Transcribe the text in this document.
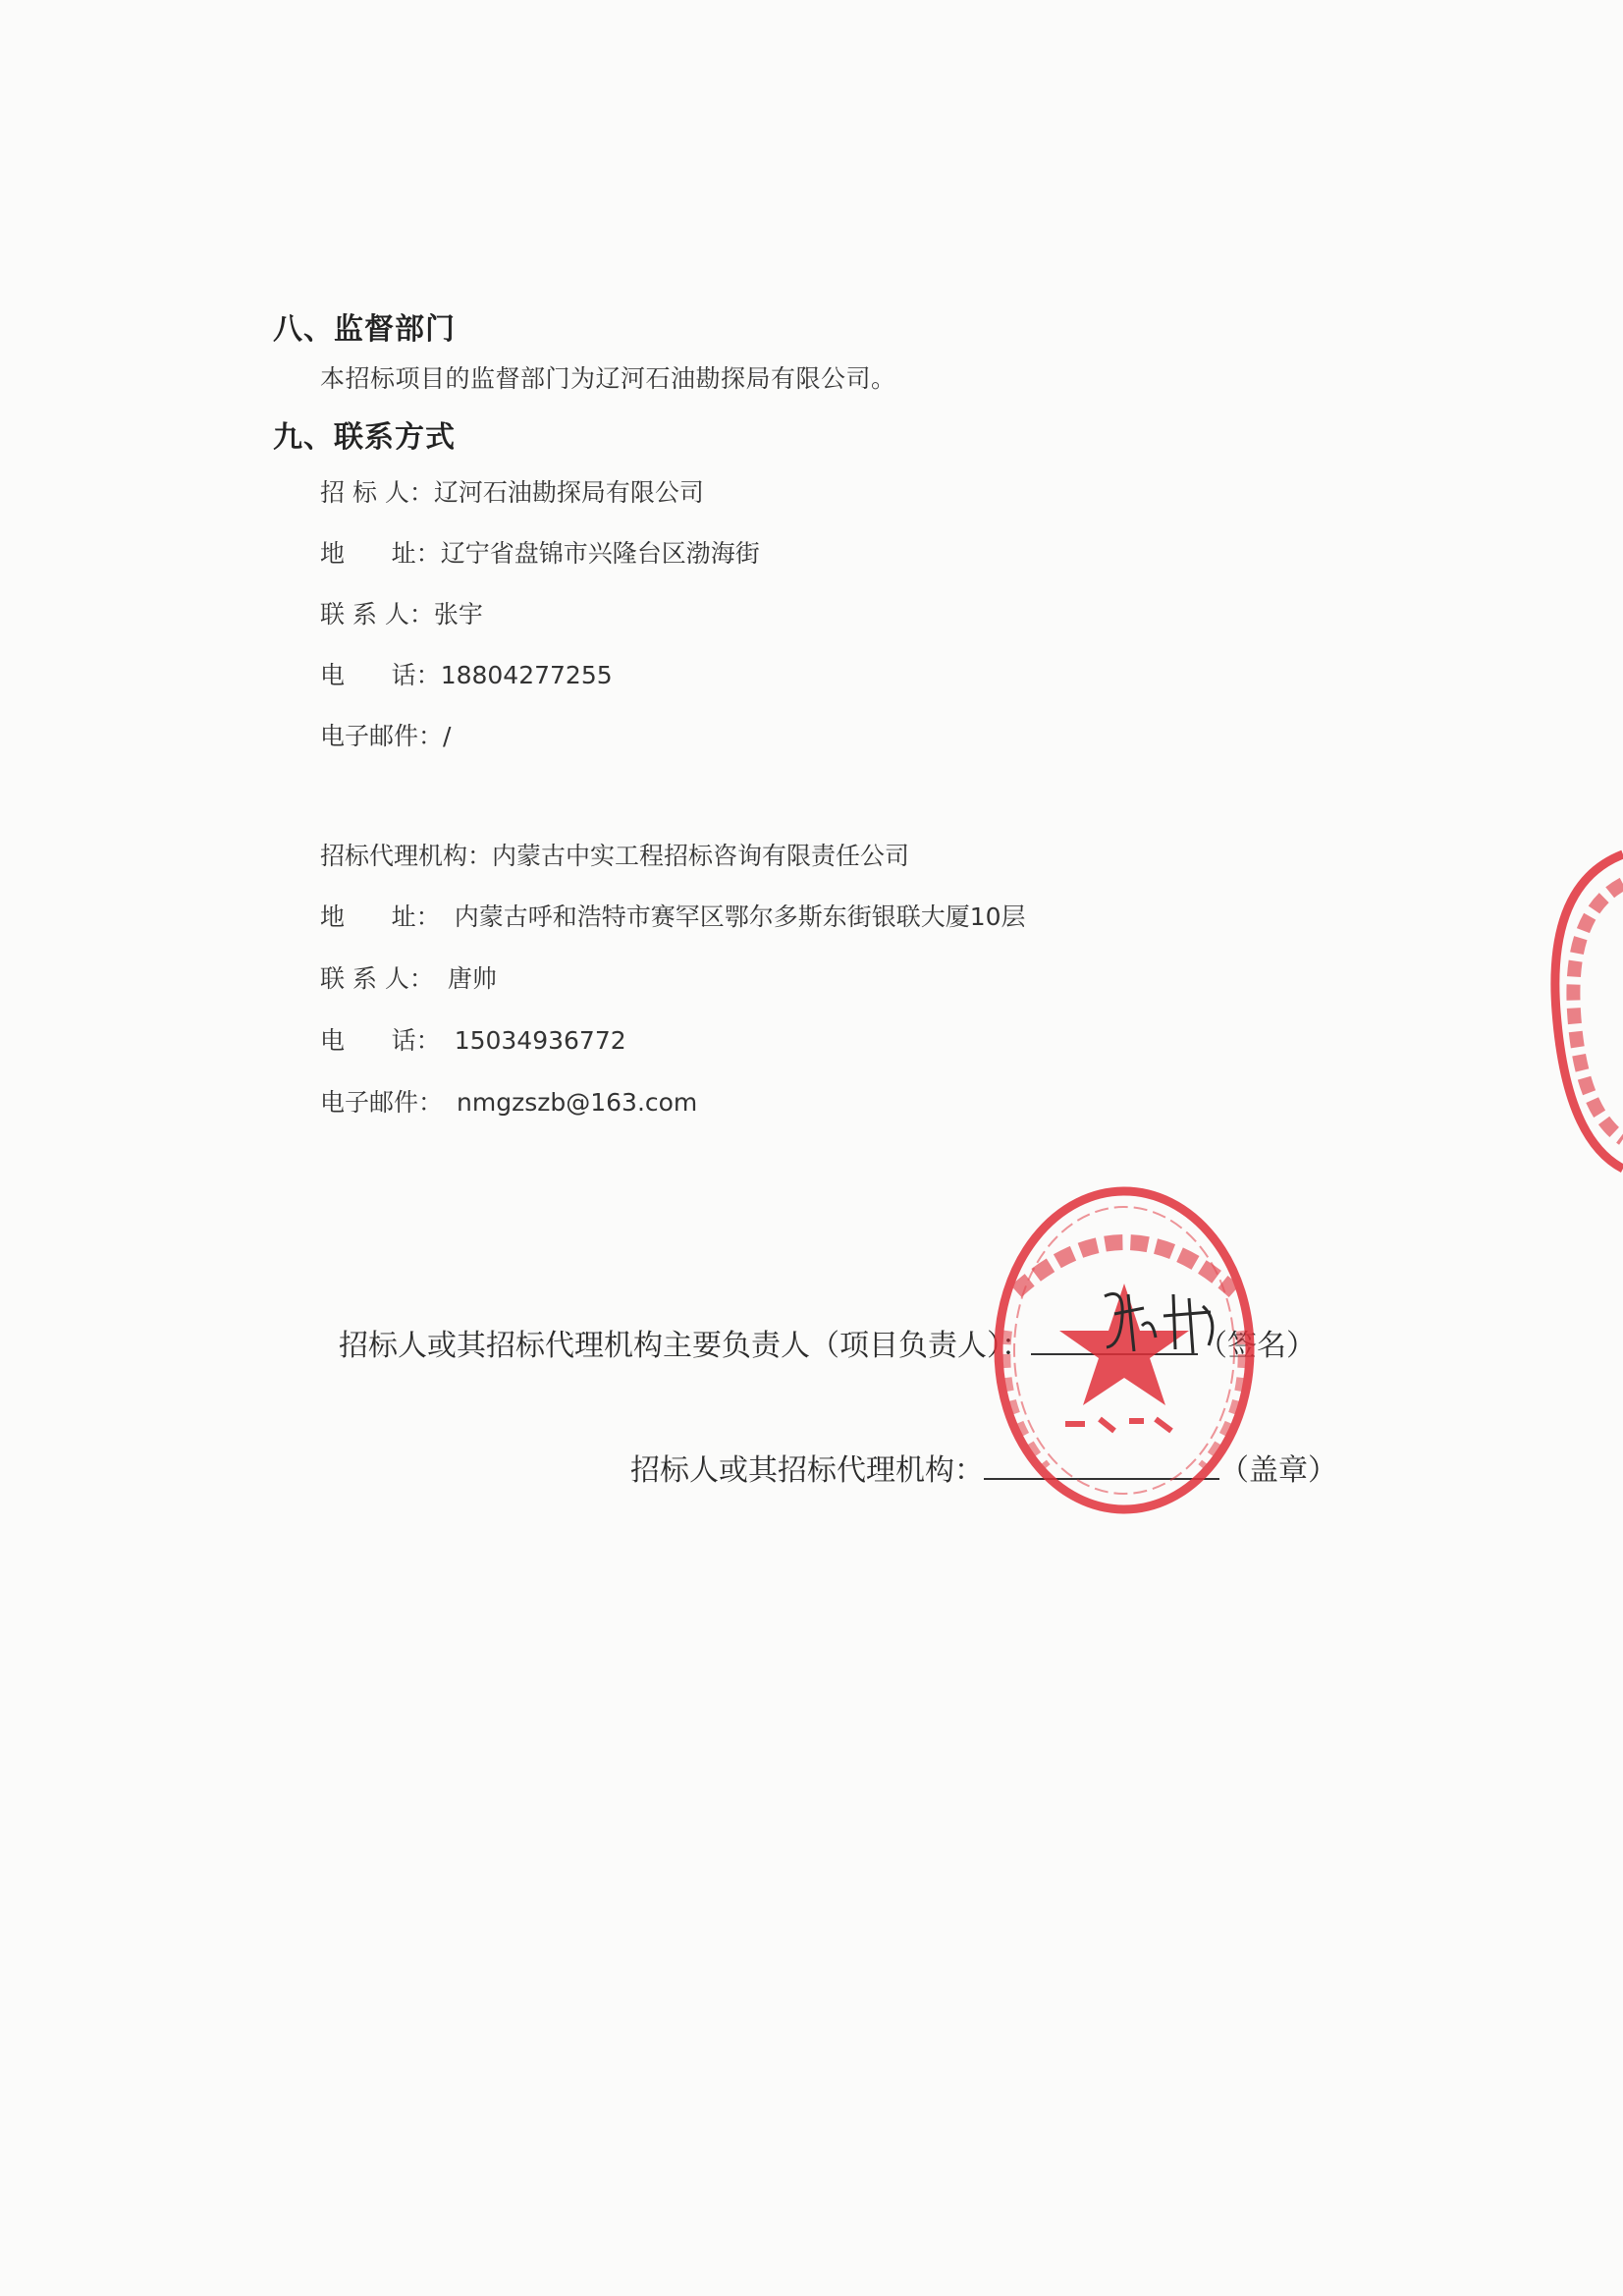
八、监督部门
本招标项目的监督部门为辽河石油勘探局有限公司。
九、联系方式
招 标 人：辽河石油勘探局有限公司
地      址：辽宁省盘锦市兴隆台区渤海街
联 系 人：张宇
电      话：18804277255
电子邮件：/
招标代理机构：内蒙古中实工程招标咨询有限责任公司
地      址： 内蒙古呼和浩特市赛罕区鄂尔多斯东街银联大厦10层
联 系 人： 唐帅
电      话： 15034936772
电子邮件： nmgzszb@163.com
招标人或其招标代理机构主要负责人（项目负责人）：	（签名）
招标人或其招标代理机构：	（盖章）
